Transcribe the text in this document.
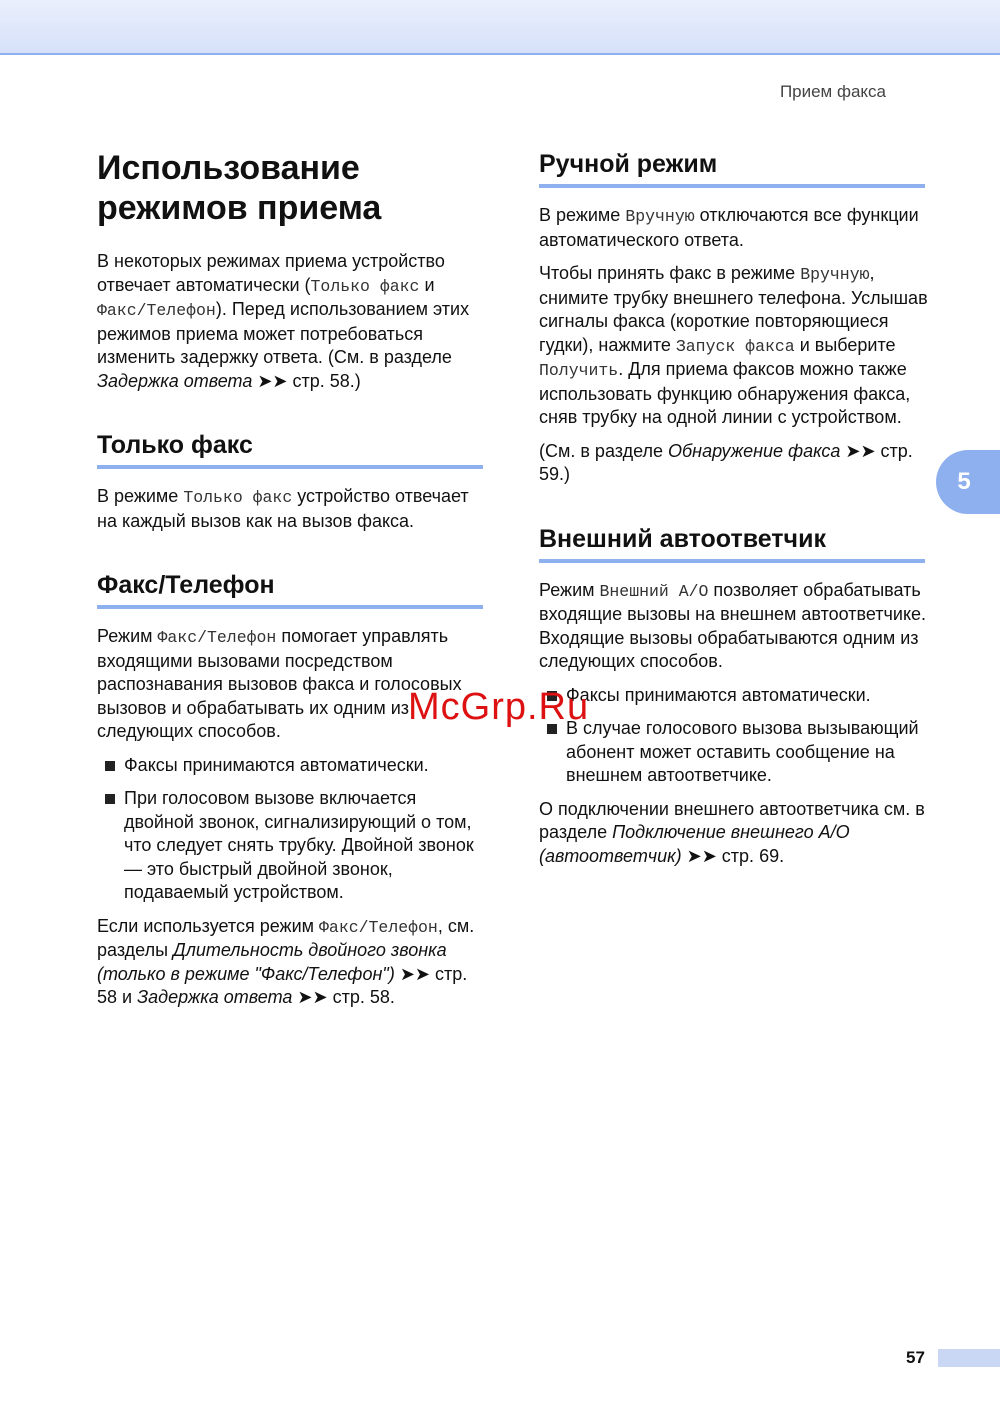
Прием факса
Использование
режимов приема

В некоторых режимах приема устройство отвечает автоматически (Только факс и Факс/Телефон). Перед использованием этих режимов приема может потребоваться изменить задержку ответа. (См. в разделе Задержка ответа ➤➤ стр. 58.)

Только факс

В режиме Только факс устройство отвечает на каждый вызов как на вызов факса.

Факс/Телефон

Режим Факс/Телефон помогает управлять входящими вызовами посредством распознавания вызовов факса и голосовых вызовов и обрабатывать их одним из следующих способов.

Факсы принимаются автоматически.
При голосовом вызове включается двойной звонок, сигнализирующий о том, что следует снять трубку. Двойной звонок — это быстрый двойной звонок, подаваемый устройством.

Если используется режим Факс/Телефон, см. разделы Длительность двойного звонка (только в режиме "Факс/Телефон") ➤➤ стр. 58 и Задержка ответа ➤➤ стр. 58.

Ручной режим

В режиме Вручную отключаются все функции автоматического ответа.

Чтобы принять факс в режиме Вручную, снимите трубку внешнего телефона. Услышав сигналы факса (короткие повторяющиеся гудки), нажмите Запуск факса и выберите Получить. Для приема факсов можно также использовать функцию обнаружения факса, сняв трубку на одной линии с устройством.

(См. в разделе Обнаружение факса ➤➤ стр. 59.)

Внешний автоответчик

Режим Внешний А/О позволяет обрабатывать входящие вызовы на внешнем автоответчике. Входящие вызовы обрабатываются одним из следующих способов.

Факсы принимаются автоматически.
В случае голосового вызова вызывающий абонент может оставить сообщение на внешнем автоответчике.

О подключении внешнего автоответчика см. в разделе Подключение внешнего А/О (автоответчик) ➤➤ стр. 69.

5
McGrp.Ru
57
